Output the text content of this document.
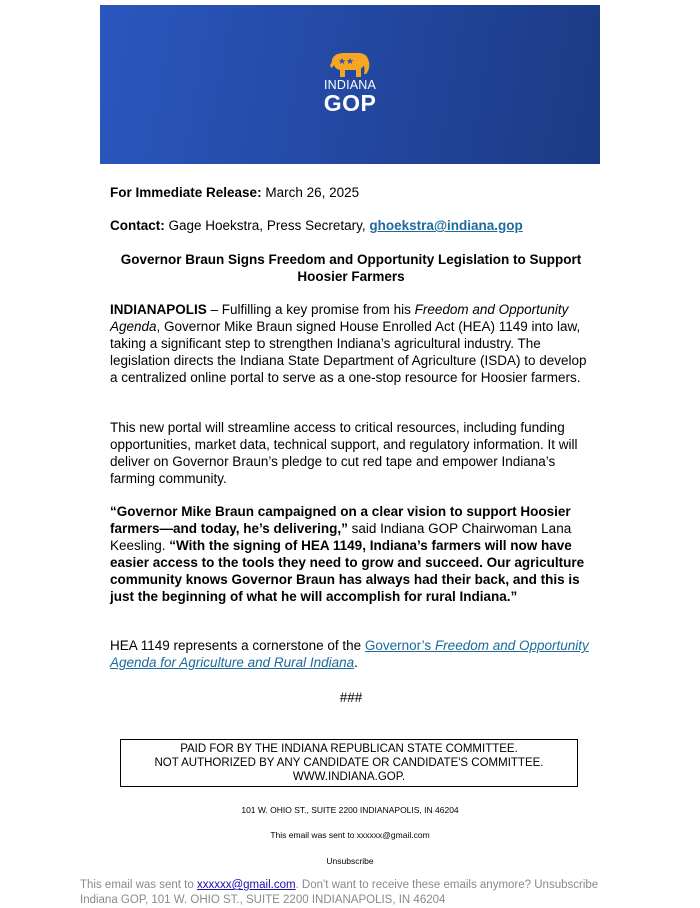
INDIANA
GOP
For Immediate Release: March 26, 2025
Contact: Gage Hoekstra, Press Secretary, ghoekstra@indiana.gop
Governor Braun Signs Freedom and Opportunity Legislation to Support Hoosier Farmers
INDIANAPOLIS – Fulfilling a key promise from his Freedom and Opportunity Agenda, Governor Mike Braun signed House Enrolled Act (HEA) 1149 into law, taking a significant step to strengthen Indiana’s agricultural industry. The legislation directs the Indiana State Department of Agriculture (ISDA) to develop a centralized online portal to serve as a one-stop resource for Hoosier farmers.
This new portal will streamline access to critical resources, including funding opportunities, market data, technical support, and regulatory information. It will deliver on Governor Braun’s pledge to cut red tape and empower Indiana’s farming community.
“Governor Mike Braun campaigned on a clear vision to support Hoosier farmers—and today, he’s delivering,” said Indiana GOP Chairwoman Lana Keesling. “With the signing of HEA 1149, Indiana’s farmers will now have easier access to the tools they need to grow and succeed. Our agriculture community knows Governor Braun has always had their back, and this is just the beginning of what he will accomplish for rural Indiana.”
HEA 1149 represents a cornerstone of the Governor’s Freedom and Opportunity Agenda for Agriculture and Rural Indiana.
###
PAID FOR BY THE INDIANA REPUBLICAN STATE COMMITTEE.
NOT AUTHORIZED BY ANY CANDIDATE OR CANDIDATE'S COMMITTEE.
WWW.INDIANA.GOP.
101 W. OHIO ST., SUITE 2200 INDIANAPOLIS, IN 46204
This email was sent to xxxxxx@gmail.com
Unsubscribe
This email was sent to xxxxxx@gmail.com. Don't want to receive these emails anymore? Unsubscribe
Indiana GOP, 101 W. OHIO ST., SUITE 2200 INDIANAPOLIS, IN 46204
